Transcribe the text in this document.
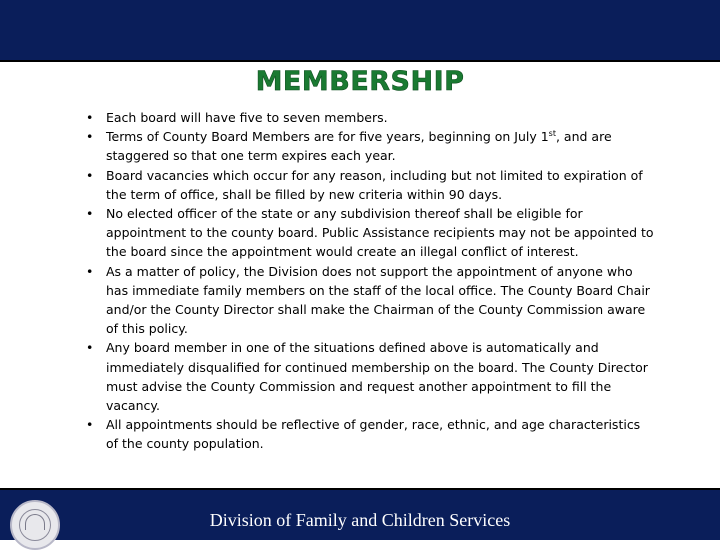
MEMBERSHIP
• Each board will have five to seven members.
• Terms of County Board Members are for five years, beginning on July 1st, and are staggered so that one term expires each year.
• Board vacancies which occur for any reason, including but not limited to expiration of the term of office, shall be filled by new criteria within 90 days.
• No elected officer of the state or any subdivision thereof shall be eligible for appointment to the county board. Public Assistance recipients may not be appointed to the board since the appointment would create an illegal conflict of interest.
• As a matter of policy, the Division does not support the appointment of anyone who has immediate family members on the staff of the local office. The County Board Chair and/or the County Director shall make the Chairman of the County Commission aware of this policy.
• Any board member in one of the situations defined above is automatically and immediately disqualified for continued membership on the board. The County Director must advise the County Commission and request another appointment to fill the vacancy.
• All appointments should be reflective of gender, race, ethnic, and age characteristics of the county population.
Division of Family and Children Services
